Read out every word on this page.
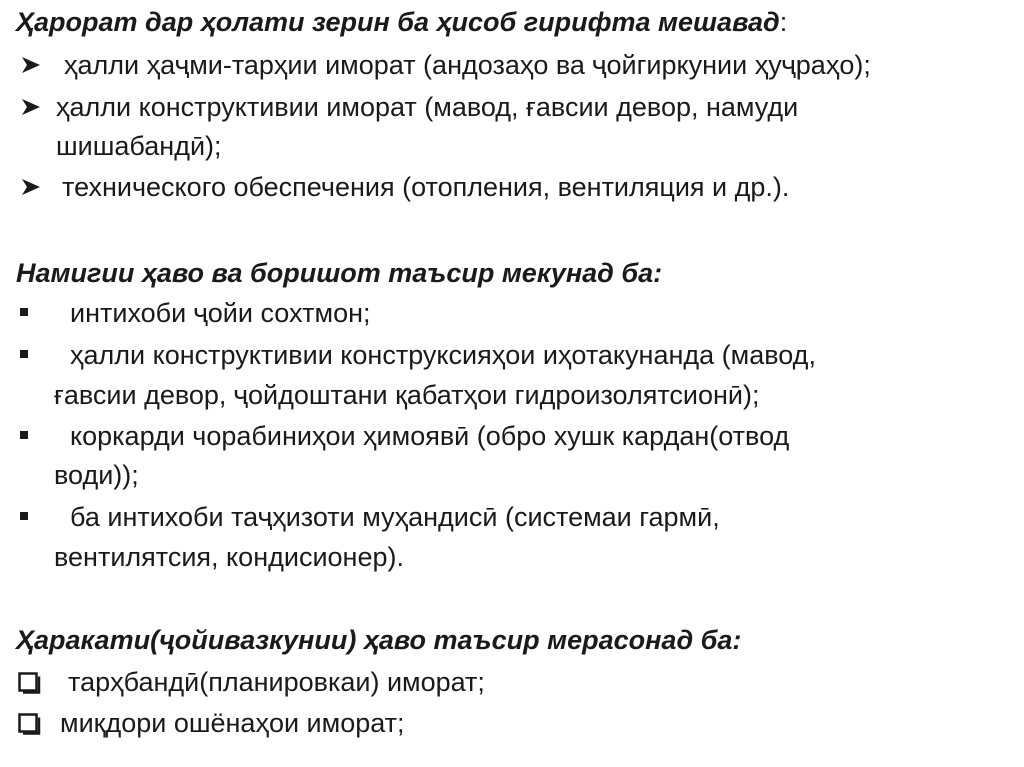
Ҳарорат дар ҳолати зерин ба ҳисоб гирифта мешавад:
ҳалли ҳаҷми-тарҳии иморат (андозаҳо ва ҷойгиркунии ҳуҷраҳо);
ҳалли конструктивии иморат (мавод, ғавсии девор, намуди
шишабандӣ);
технического обеспечения (отопления, вентиляция и др.).
Намигии ҳаво ва боришот таъсир мекунад ба:
интихоби ҷойи сохтмон;
ҳалли конструктивии конструксияҳои иҳотакунанда (мавод,
ғавсии девор, ҷойдоштани қабатҳои гидроизолятсионӣ);
коркарди чорабиниҳои ҳимоявӣ (обро хушк кардан(отвод
води));
ба интихоби таҷҳизоти муҳандисӣ (системаи гармӣ,
вентилятсия, кондисионер).
Ҳаракати(ҷойивазкунии) ҳаво таъсир мерасонад ба:
тарҳбандӣ(планировкаи) иморат;
миқдори ошёнаҳои иморат;
